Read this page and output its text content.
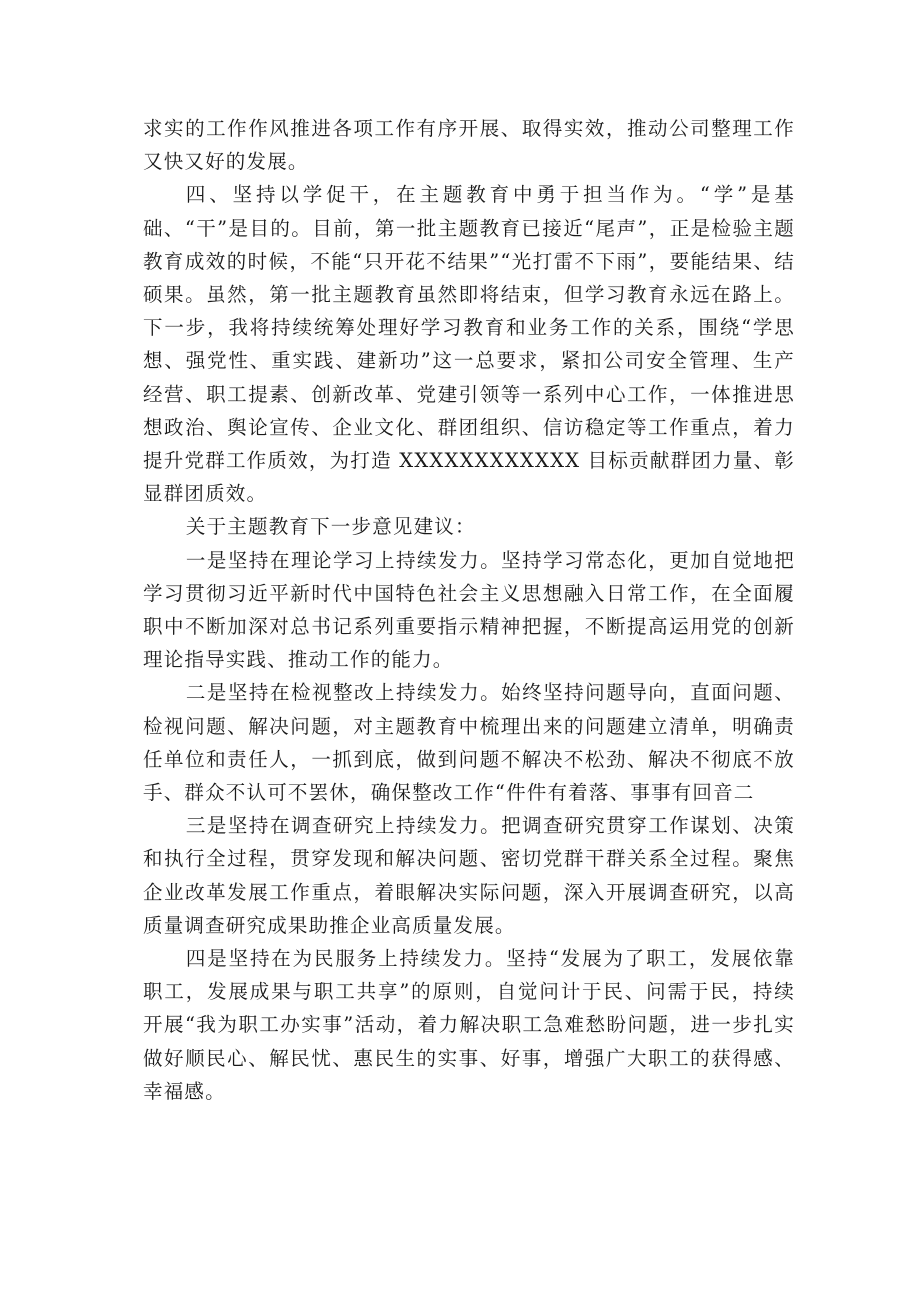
求实的工作作风推进各项工作有序开展、取得实效，推动公司整理工作又快又好的发展。

四、坚持以学促干，在主题教育中勇于担当作为。“学”是基础、“干”是目的。目前，第一批主题教育已接近“尾声”，正是检验主题教育成效的时候，不能“只开花不结果”“光打雷不下雨”，要能结果、结硕果。虽然，第一批主题教育虽然即将结束，但学习教育永远在路上。下一步，我将持续统筹处理好学习教育和业务工作的关系，围绕“学思想、强党性、重实践、建新功”这一总要求，紧扣公司安全管理、生产经营、职工提素、创新改革、党建引领等一系列中心工作，一体推进思想政治、舆论宣传、企业文化、群团组织、信访稳定等工作重点，着力提升党群工作质效，为打造 XXXXXXXXXXXX 目标贡献群团力量、彰显群团质效。

关于主题教育下一步意见建议：

一是坚持在理论学习上持续发力。坚持学习常态化，更加自觉地把学习贯彻习近平新时代中国特色社会主义思想融入日常工作，在全面履职中不断加深对总书记系列重要指示精神把握，不断提高运用党的创新理论指导实践、推动工作的能力。

二是坚持在检视整改上持续发力。始终坚持问题导向，直面问题、检视问题、解决问题，对主题教育中梳理出来的问题建立清单，明确责任单位和责任人，一抓到底，做到问题不解决不松劲、解决不彻底不放手、群众不认可不罢休，确保整改工作“件件有着落、事事有回音二

三是坚持在调查研究上持续发力。把调查研究贯穿工作谋划、决策和执行全过程，贯穿发现和解决问题、密切党群干群关系全过程。聚焦企业改革发展工作重点，着眼解决实际问题，深入开展调查研究，以高质量调查研究成果助推企业高质量发展。

四是坚持在为民服务上持续发力。坚持“发展为了职工，发展依靠职工，发展成果与职工共享”的原则，自觉问计于民、问需于民，持续开展“我为职工办实事”活动，着力解决职工急难愁盼问题，进一步扎实做好顺民心、解民忧、惠民生的实事、好事，增强广大职工的获得感、幸福感。
